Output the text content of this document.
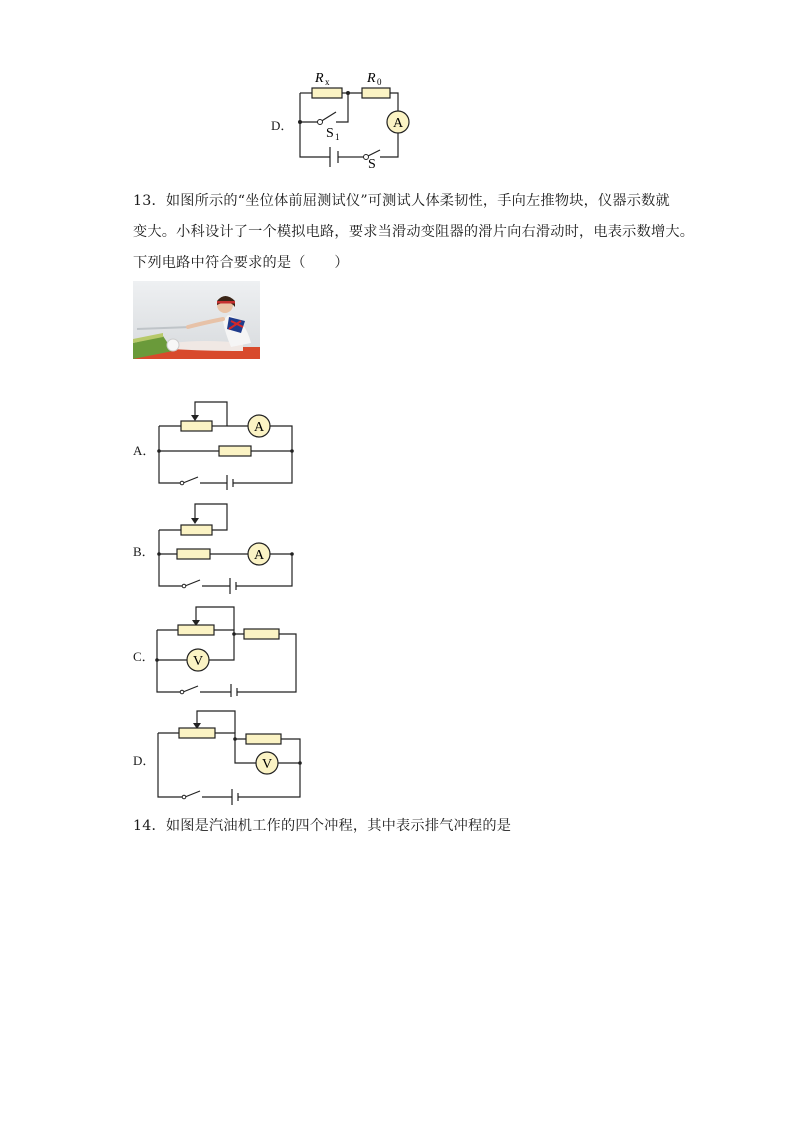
D．	A
R x	R 0
S 1
S
13．如图所示的“坐位体前屈测试仪”可测试人体柔韧性，手向左推物块，仪器示数就
变大。小科设计了一个模拟电路，要求当滑动变阻器的滑片向右滑动时，电表示数增大。
下列电路中符合要求的是（　　）
A．
A
B．	A
C．	V
D．	V
14．如图是汽油机工作的四个冲程，其中表示排气冲程的是
